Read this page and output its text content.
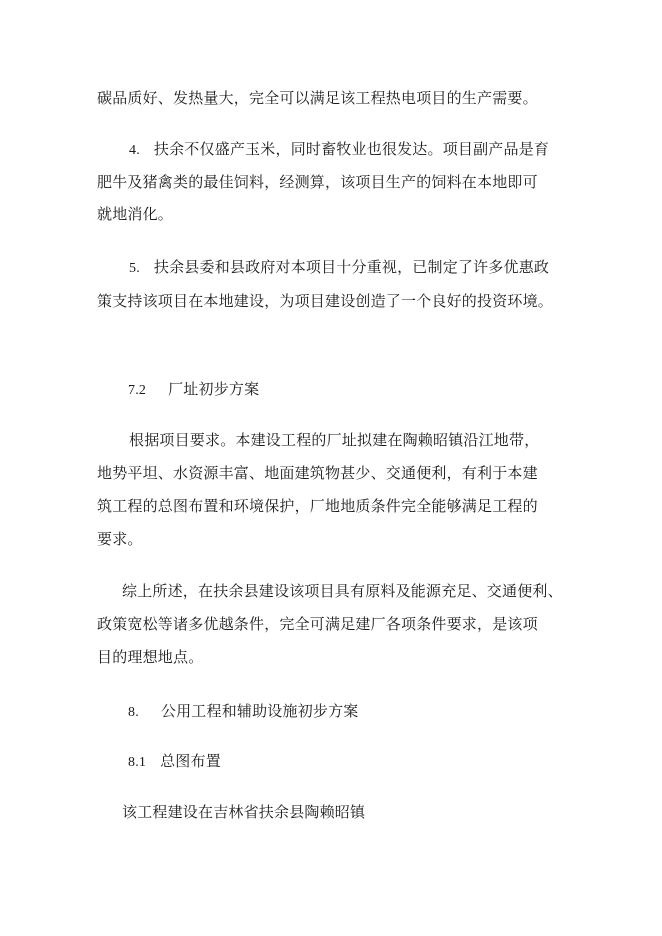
碳品质好、发热量大，完全可以满足该工程热电项目的生产需要。
4. 扶余不仅盛产玉米，同时畜牧业也很发达。项目副产品是育
肥牛及猪禽类的最佳饲料，经测算，该项目生产的饲料在本地即可
就地消化。
5. 扶余县委和县政府对本项目十分重视，已制定了许多优惠政
策支持该项目在本地建设，为项目建设创造了一个良好的投资环境。
7.2 厂址初步方案
根据项目要求。本建设工程的厂址拟建在陶赖昭镇沿江地带，
地势平坦、水资源丰富、地面建筑物甚少、交通便利，有利于本建
筑工程的总图布置和环境保护，厂地地质条件完全能够满足工程的
要求。
综上所述，在扶余县建设该项目具有原料及能源充足、交通便利、
政策宽松等诸多优越条件，完全可满足建厂各项条件要求，是该项
目的理想地点。
8. 公用工程和辅助设施初步方案
8.1 总图布置
该工程建设在吉林省扶余县陶赖昭镇
